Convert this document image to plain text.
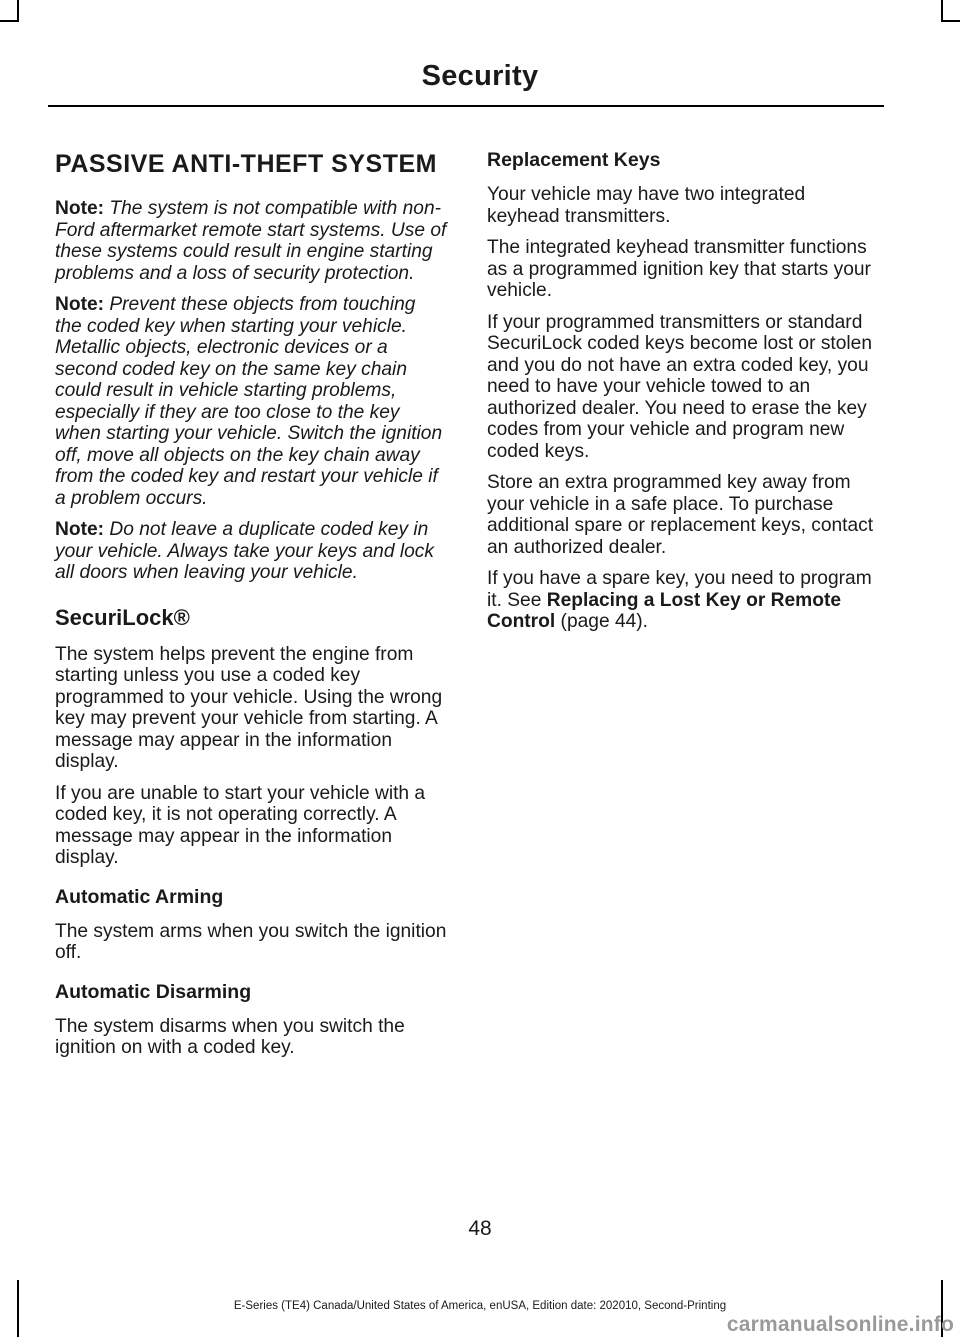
Security
PASSIVE ANTI-THEFT SYSTEM

Note: The system is not compatible with non-Ford aftermarket remote start systems. Use of these systems could result in engine starting problems and a loss of security protection.

Note: Prevent these objects from touching the coded key when starting your vehicle. Metallic objects, electronic devices or a second coded key on the same key chain could result in vehicle starting problems, especially if they are too close to the key when starting your vehicle. Switch the ignition off, move all objects on the key chain away from the coded key and restart your vehicle if a problem occurs.

Note: Do not leave a duplicate coded key in your vehicle. Always take your keys and lock all doors when leaving your vehicle.

SecuriLock®

The system helps prevent the engine from starting unless you use a coded key programmed to your vehicle. Using the wrong key may prevent your vehicle from starting. A message may appear in the information display.

If you are unable to start your vehicle with a coded key, it is not operating correctly. A message may appear in the information display.

Automatic Arming

The system arms when you switch the ignition off.

Automatic Disarming

The system disarms when you switch the ignition on with a coded key.

Replacement Keys

Your vehicle may have two integrated keyhead transmitters.

The integrated keyhead transmitter functions as a programmed ignition key that starts your vehicle.

If your programmed transmitters or standard SecuriLock coded keys become lost or stolen and you do not have an extra coded key, you need to have your vehicle towed to an authorized dealer. You need to erase the key codes from your vehicle and program new coded keys.

Store an extra programmed key away from your vehicle in a safe place. To purchase additional spare or replacement keys, contact an authorized dealer.

If you have a spare key, you need to program it. See Replacing a Lost Key or Remote Control (page 44).

48
E-Series (TE4) Canada/United States of America, enUSA, Edition date: 202010, Second-Printing
carmanualsonline.info
